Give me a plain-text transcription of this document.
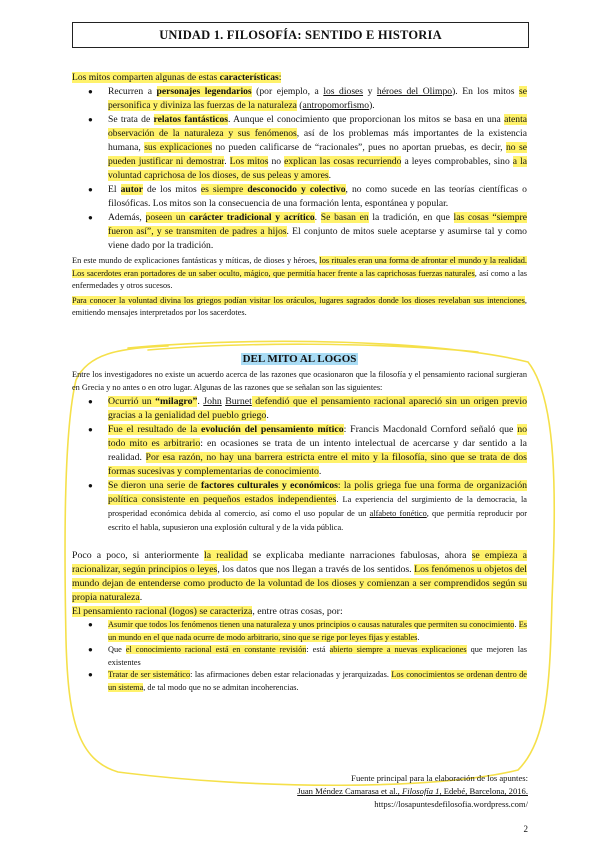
UNIDAD 1. FILOSOFÍA: SENTIDO E HISTORIA

Los mitos comparten algunas de estas características:

● Recurren a personajes legendarios (por ejemplo, a los dioses y héroes del Olimpo). En los mitos se personifica y diviniza las fuerzas de la naturaleza (antropomorfismo).
● Se trata de relatos fantásticos. Aunque el conocimiento que proporcionan los mitos se basa en una atenta observación de la naturaleza y sus fenómenos, así de los problemas más importantes de la existencia humana, sus explicaciones no pueden calificarse de “racionales”, pues no aportan pruebas, es decir, no se pueden justificar ni demostrar. Los mitos no explican las cosas recurriendo a leyes comprobables, sino a la voluntad caprichosa de los dioses, de sus peleas y amores.
● El autor de los mitos es siempre desconocido y colectivo, no como sucede en las teorías científicas o filosóficas. Los mitos son la consecuencia de una formación lenta, espontánea y popular.
● Además, poseen un carácter tradicional y acrítico. Se basan en la tradición, en que las cosas “siempre fueron así”, y se transmiten de padres a hijos. El conjunto de mitos suele aceptarse y asumirse tal y como viene dado por la tradición.

En este mundo de explicaciones fantásticas y míticas, de dioses y héroes, los rituales eran una forma de afrontar el mundo y la realidad. Los sacerdotes eran portadores de un saber oculto, mágico, que permitía hacer frente a las caprichosas fuerzas naturales, así como a las enfermedades y otros sucesos.

Para conocer la voluntad divina los griegos podían visitar los oráculos, lugares sagrados donde los dioses revelaban sus intenciones, emitiendo mensajes interpretados por los sacerdotes.

DEL MITO AL LOGOS

Entre los investigadores no existe un acuerdo acerca de las razones que ocasionaron que la filosofía y el pensamiento racional surgieran en Grecia y no antes o en otro lugar. Algunas de las razones que se señalan son las siguientes:

● Ocurrió un “milagro”. John Burnet defendió que el pensamiento racional apareció sin un origen previo gracias a la genialidad del pueblo griego.
● Fue el resultado de la evolución del pensamiento mítico: Francis Macdonald Cornford señaló que no todo mito es arbitrario: en ocasiones se trata de un intento intelectual de acercarse y dar sentido a la realidad. Por esa razón, no hay una barrera estricta entre el mito y la filosofía, sino que se trata de dos formas sucesivas y complementarias de conocimiento.
● Se dieron una serie de factores culturales y económicos: la polis griega fue una forma de organización política consistente en pequeños estados independientes. La experiencia del surgimiento de la democracia, la prosperidad económica debida al comercio, así como el uso popular de un alfabeto fonético, que permitía reproducir por escrito el habla, supusieron una explosión cultural y de la vida pública.

Poco a poco, si anteriormente la realidad se explicaba mediante narraciones fabulosas, ahora se empieza a racionalizar, según principios o leyes, los datos que nos llegan a través de los sentidos. Los fenómenos u objetos del mundo dejan de entenderse como producto de la voluntad de los dioses y comienzan a ser comprendidos según su propia naturaleza.

El pensamiento racional (logos) se caracteriza, entre otras cosas, por:

● Asumir que todos los fenómenos tienen una naturaleza y unos principios o causas naturales que permiten su conocimiento. Es un mundo en el que nada ocurre de modo arbitrario, sino que se rige por leyes fijas y estables.
● Que el conocimiento racional está en constante revisión: está abierto siempre a nuevas explicaciones que mejoren las existentes
● Tratar de ser sistemático: las afirmaciones deben estar relacionadas y jerarquizadas. Los conocimientos se ordenan dentro de un sistema, de tal modo que no se admitan incoherencias.
Fuente principal para la elaboración de los apuntes:
Juan Méndez Camarasa et al., Filosofía 1, Edebé, Barcelona, 2016.
https://losapuntesdefilosofia.wordpress.com/
2
